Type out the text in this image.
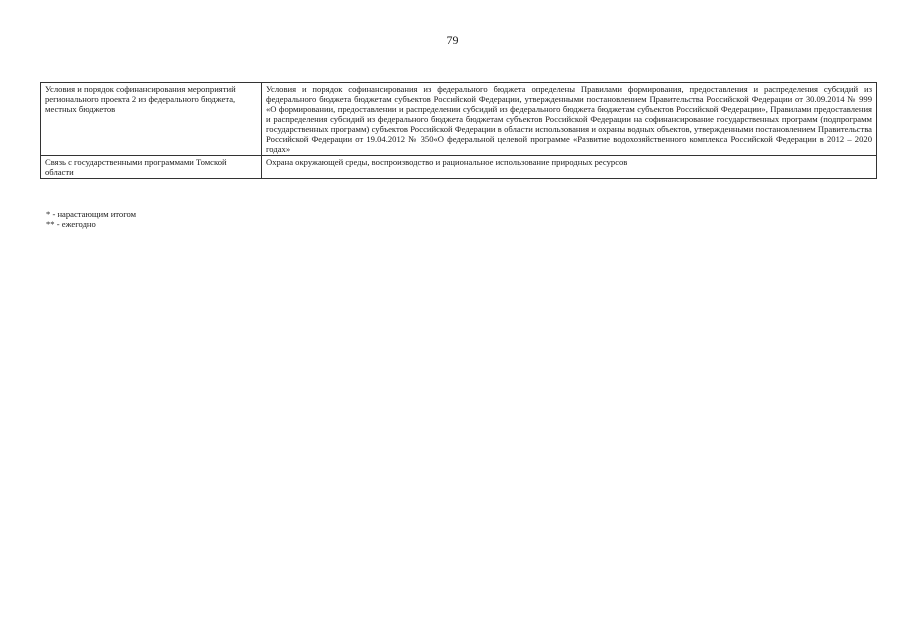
79
Условия и порядок софинансирования мероприятий регионального проекта 2 из федерального бюджета, местных бюджетов	Условия и порядок софинансирования из федерального бюджета определены Правилами формирования, предоставления и распределения субсидий из федерального бюджета бюджетам субъектов Российской Федерации, утвержденными постановлением Правительства Российской Федерации от 30.09.2014 № 999 «О формировании, предоставлении и распределении субсидий из федерального бюджета бюджетам субъектов Российской Федерации», Правилами предоставления и распределения субсидий из федерального бюджета бюджетам субъектов Российской Федерации на софинансирование государственных программ (подпрограмм государственных программ) субъектов Российской Федерации в области использования и охраны водных объектов, утвержденными постановлением Правительства Российской Федерации от 19.04.2012 № 350«О федеральной целевой программе «Развитие водохозяйственного комплекса Российской Федерации в 2012 – 2020 годах»
Связь с государственными программами Томской области	Охрана окружающей среды, воспроизводство и рациональное использование природных ресурсов
* - нарастающим итогом
** - ежегодно
